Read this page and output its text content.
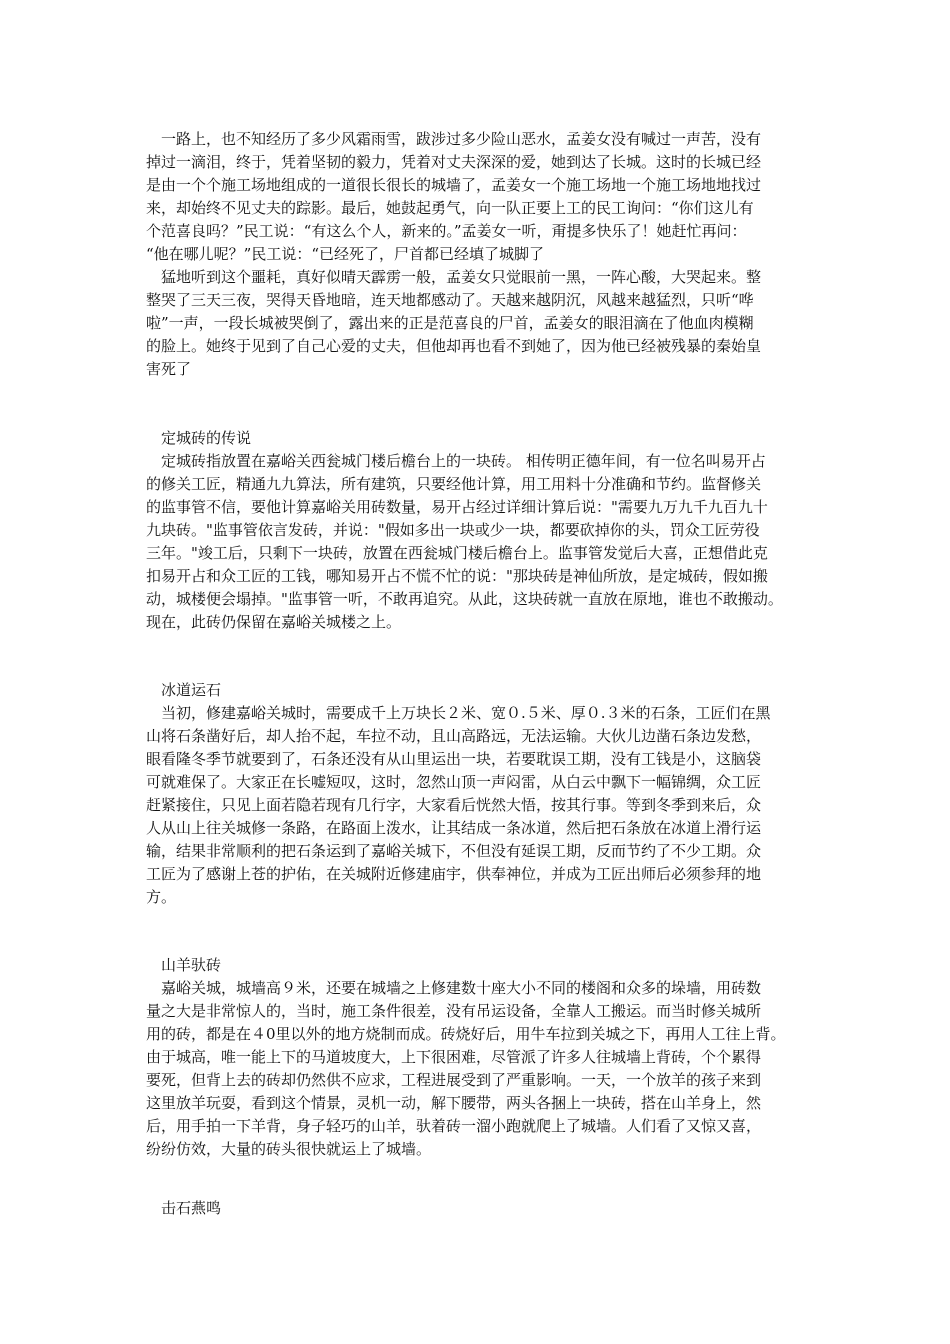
　一路上，也不知经历了多少风霜雨雪，跋涉过多少险山恶水，孟姜女没有喊过一声苦，没有
掉过一滴泪，终于，凭着坚韧的毅力，凭着对丈夫深深的爱，她到达了长城。这时的长城已经
是由一个个施工场地组成的一道很长很长的城墙了，孟姜女一个施工场地一个施工场地地找过
来，却始终不见丈夫的踪影。最后，她鼓起勇气，向一队正要上工的民工询问：“你们这儿有
个范喜良吗？”民工说：“有这么个人，新来的。”孟姜女一听，甭提多快乐了！她赶忙再问：
“他在哪儿呢？”民工说：“已经死了，尸首都已经填了城脚了
　猛地听到这个噩耗，真好似晴天霹雳一般，孟姜女只觉眼前一黑，一阵心酸，大哭起来。整
整哭了三天三夜，哭得天昏地暗，连天地都感动了。天越来越阴沉，风越来越猛烈，只听“哗
啦”一声，一段长城被哭倒了，露出来的正是范喜良的尸首，孟姜女的眼泪滴在了他血肉模糊
的脸上。她终于见到了自己心爱的丈夫，但他却再也看不到她了，因为他已经被残暴的秦始皇
害死了
定城砖的传说
　定城砖指放置在嘉峪关西瓮城门楼后檐台上的一块砖。 相传明正德年间，有一位名叫易开占
的修关工匠，精通九九算法，所有建筑，只要经他计算，用工用料十分准确和节约。监督修关
的监事管不信，要他计算嘉峪关用砖数量，易开占经过详细计算后说："需要九万九千九百九十
九块砖。"监事管依言发砖，并说："假如多出一块或少一块，都要砍掉你的头，罚众工匠劳役
三年。"竣工后，只剩下一块砖，放置在西瓮城门楼后檐台上。监事管发觉后大喜，正想借此克
扣易开占和众工匠的工钱，哪知易开占不慌不忙的说："那块砖是神仙所放，是定城砖，假如搬
动，城楼便会塌掉。"监事管一听，不敢再追究。从此，这块砖就一直放在原地，谁也不敢搬动。
现在，此砖仍保留在嘉峪关城楼之上。
冰道运石
　当初，修建嘉峪关城时，需要成千上万块长２米、宽０.５米、厚０.３米的石条，工匠们在黑
山将石条凿好后，却人抬不起，车拉不动，且山高路远，无法运输。大伙儿边凿石条边发愁，
眼看隆冬季节就要到了，石条还没有从山里运出一块，若要耽误工期，没有工钱是小，这脑袋
可就难保了。大家正在长嘘短叹，这时，忽然山顶一声闷雷，从白云中飘下一幅锦绸，众工匠
赶紧接住，只见上面若隐若现有几行字，大家看后恍然大悟，按其行事。等到冬季到来后，众
人从山上往关城修一条路，在路面上泼水，让其结成一条冰道，然后把石条放在冰道上滑行运
输，结果非常顺利的把石条运到了嘉峪关城下，不但没有延误工期，反而节约了不少工期。众
工匠为了感谢上苍的护佑，在关城附近修建庙宇，供奉神位，并成为工匠出师后必须参拜的地
方。
山羊驮砖
　嘉峪关城，城墙高９米，还要在城墙之上修建数十座大小不同的楼阁和众多的垛墙，用砖数
量之大是非常惊人的，当时，施工条件很差，没有吊运设备，全靠人工搬运。而当时修关城所
用的砖，都是在４0里以外的地方烧制而成。砖烧好后，用牛车拉到关城之下，再用人工往上背。
由于城高，唯一能上下的马道坡度大，上下很困难，尽管派了许多人往城墙上背砖，个个累得
要死，但背上去的砖却仍然供不应求，工程进展受到了严重影响。一天，一个放羊的孩子来到
这里放羊玩耍，看到这个情景，灵机一动，解下腰带，两头各捆上一块砖，搭在山羊身上，然
后，用手拍一下羊背，身子轻巧的山羊，驮着砖一溜小跑就爬上了城墙。人们看了又惊又喜，
纷纷仿效，大量的砖头很快就运上了城墙。
击石燕鸣
